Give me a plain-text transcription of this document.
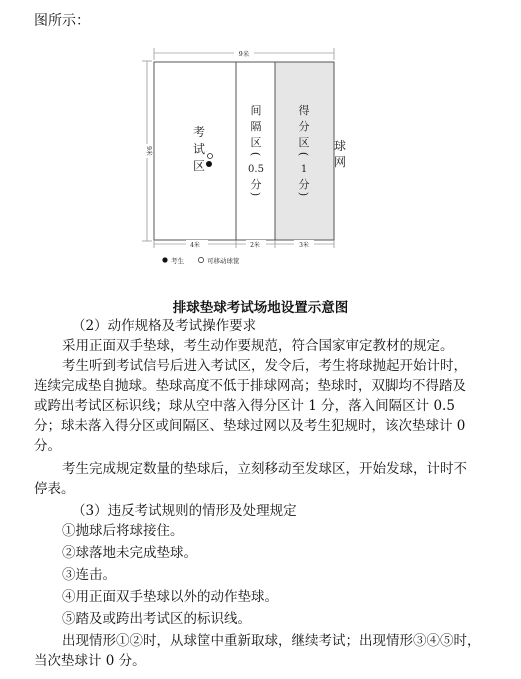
图所示：
9米
9米
考
试
区
间
隔
区
(
0.5
分
)
得
分
区
(
1
分
)
球
网
4米	2米	3米
考生	可移动球筐
排球垫球考试场地设置示意图
（2）动作规格及考试操作要求
采用正面双手垫球，考生动作要规范，符合国家审定教材的规定。
考生听到考试信号后进入考试区，发令后，考生将球抛起开始计时，
连续完成垫自抛球。垫球高度不低于排球网高；垫球时，双脚均不得踏及
或跨出考试区标识线；球从空中落入得分区计 1 分，落入间隔区计 0.5
分；球未落入得分区或间隔区、垫球过网以及考生犯规时，该次垫球计 0
分。
考生完成规定数量的垫球后，立刻移动至发球区，开始发球，计时不
停表。
（3）违反考试规则的情形及处理规定
①抛球后将球接住。
②球落地未完成垫球。
③连击。
④用正面双手垫球以外的动作垫球。
⑤踏及或跨出考试区的标识线。
出现情形①②时，从球筐中重新取球，继续考试；出现情形③④⑤时，
当次垫球计 0 分。
